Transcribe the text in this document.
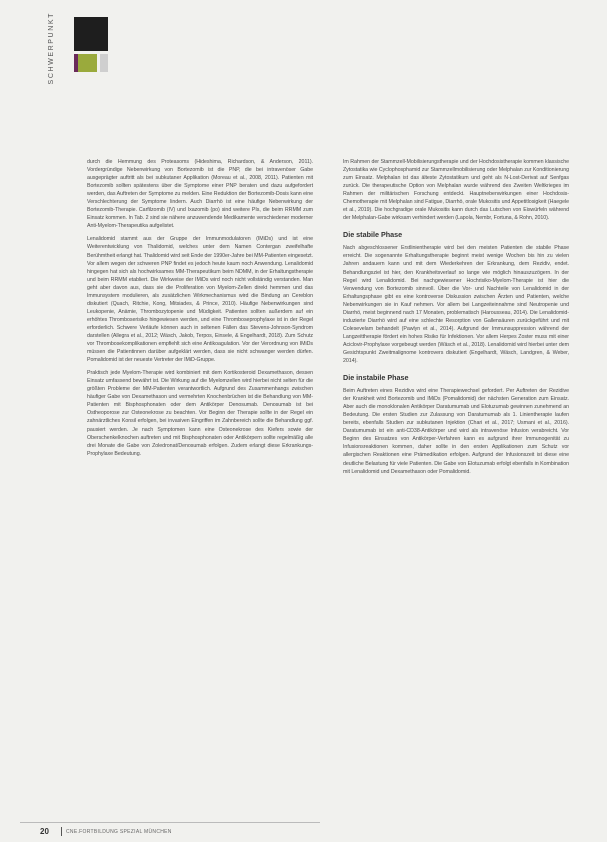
SCHWERPUNKT

durch die Hemmung des Proteasoms (Hideshima, Richardson, & Anderson, 2011). Vordergründige Nebenwirkung von Bortezomib ist die PNP, die bei intravenöser Gabe ausgeprägter auftritt als bei subkutaner Applikation (Moreau et al., 2008, 2011). Patienten mit Bortezomib sollten spätestens über die Symptome einer PNP beraten und dazu aufgefordert werden, das Auftreten der Symptome zu melden. Eine Reduktion der Bortezomib-Dosis kann eine Verschlechterung der Symptome lindern. Auch Diarrhö ist eine häufige Nebenwirkung der Bortezomib-Therapie. Carfilzomib (IV) und Ixazomib (po) sind weitere PIs, die beim RRMM zum Einsatz kommen. In Tab. 2 sind sie nähere anzuwendende Medikamente verschiedener moderner Anti-Myelom-Therapeutika aufgelistet.

Lenalidomid stammt aus der Gruppe der Immunmodulatoren (IMiDs) und ist eine Weiterentwicklung von Thalidomid, welches unter dem Namen Contergan zweifelhafte Berühmtheit erlangt hat. Thalidomid wird seit Ende der 1990er-Jahre bei MM-Patienten eingesetzt. Vor allem wegen der schweren PNP findet es jedoch heute kaum noch Anwendung. Lenalidomid hingegen hat sich als hochwirksames MM-Therapeutikum beim NDMM, in der Erhaltungstherapie und beim RRMM etabliert. Die Wirkweise der IMiDs wird noch nicht vollständig verstanden. Man geht aber davon aus, dass sie die Proliferation von Myelom-Zellen direkt hemmen und das Immunsystem modulieren, als zusätzlichen Wirkmechanismus wird die Bindung an Cereblon diskutiert (Quach, Ritchie, Kong, Mitsiades, & Prince, 2010). Häufige Nebenwirkungen sind Leukopenie, Anämie, Thrombozytopenie und Müdigkeit. Patienten sollten außerdem auf ein erhöhtes Thromboserisiko hingewiesen werden, und eine Thromboseprophylaxe ist in der Regel erforderlich. Schwere Verläufe können auch in seltenen Fällen das Stevens-Johnson-Syndrom darstellen (Allegra et al., 2012; Wäsch, Jakob, Terpos, Einsele, & Engelhardt, 2018). Zum Schutz vor Thrombosekomplikationen empfiehlt sich eine Antikoagulation. Vor der Verordnung von IMiDs müssen die Patientinnen darüber aufgeklärt werden, dass sie nicht schwanger werden dürfen. Pomalidomid ist der neueste Vertreter der IMiD-Gruppe.

Praktisch jede Myelom-Therapie wird kombiniert mit dem Kortikosteroid Dexamethason, dessen Einsatz umfassend bewährt ist. Die Wirkung auf die Myelomzellen wird hierbei nicht selten für die größten Probleme der MM-Patienten verantwortlich. Aufgrund des Zusammenhangs zwischen häufiger Gabe von Dexamethason und vermehrten Knochenbrüchen ist die Behandlung von MM-Patienten mit Bisphosphonaten oder dem Antikörper Denosumab. Denosumab ist bei Ostheoporose zur Osteonekrose zu beachten. Vor Beginn der Therapie sollte in der Regel ein zahnärztliches Konsil erfolgen, bei invasiven Eingriffen im Zahnbereich sollte die Behandlung ggf. pausiert werden. Je nach Symptomen kann eine Osteonekrose des Kiefers sowie der Oberschenkelknochen auftreten und mit Bisphosphonaten oder Antikörpern sollte regelmäßig alle drei Monate die Gabe von Zoledronat/Denosumab erfolgen. Zudem erlangt diese Erkrankungs-Prophylaxe Bedeutung.

Im Rahmen der Stammzell-Mobilisierungstherapie und der Hochdosistherapie kommen klassische Zytostatika wie Cyclophosphamid zur Stammzellmobilisierung oder Melphalan zur Konditionierung zum Einsatz. Melphalan ist das älteste Zytostatikum und geht als N-Lost-Derivat auf Senfgas zurück. Die therapeutische Option von Melphalan wurde während des Zweiten Weltkrieges im Rahmen der militärischen Forschung entdeckt. Hauptnebenwirkungen einer Hochdosis-Chemotherapie mit Melphalan sind Fatigue, Diarrhö, orale Mukositis und Appetitlosigkeit (Haegele et al., 2019). Die hochgradige orale Mukositis kann durch das Lutschen von Eiswürfeln während der Melphalan-Gabe wirksam verhindert werden (Lapola, Nembr, Fortuna, & Rohn, 2010).

Die stabile Phase

Nach abgeschlossener Erstlinientherapie wird bei den meisten Patienten die stabile Phase erreicht. Die sogenannte Erhaltungstherapie beginnt meist wenige Wochen bis hin zu vielen Jahren andauern kann und mit dem Wiederkehren der Erkrankung, dem Rezidiv, endet. Behandlungsziel ist hier, den Krankheitsverlauf so lange wie möglich hinauszuzögern. In der Regel wird Lenalidomid. Bei nachgewiesener Hochrisiko-Myelom-Therapie ist hier die Verwendung von Bortezomib sinnvoll. Über die Vor- und Nachteile von Lenalidomid in der Erhaltungsphase gibt es eine kontroverse Diskussion zwischen Ärzten und Patienten, welche Nebenwirkungen sie in Kauf nehmen. Vor allem bei Langzeiteinnahme sind Neutropenie und Diarrhö, meist beginnend nach 17 Monaten, problematisch (Harousseau, 2014). Die Lenalidomid-induzierte Diarrhö wird auf eine schlechte Resorption von Gallensäuren zurückgeführt und mit Colesevelam behandelt (Pawlyn et al., 2014). Aufgrund der Immunsuppression während der Langzeittherapie fördert ein hohes Risiko für Infektionen. Vor allem Herpes Zoster muss mit einer Aciclovir-Prophylaxe vorgebeugt werden (Wäsch et al., 2018). Lenalidomid wird hierbei unter dem Gesichtspunkt Zweitmalignome kontrovers diskutiert (Engelhardt, Wäsch, Landgren, & Weber, 2014).

Die instabile Phase

Beim Auftreten eines Rezidivs wird eine Therapiewechsel gefordert. Per Auftreten der Rezidive der Krankheit wird Bortezomib und IMiDs (Pomalidomid) der nächsten Generation zum Einsatz. Aber auch die monoklonalen Antikörper Daratumumab und Elotuzumab gewinnen zunehmend an Bedeutung. Die ersten Studien zur Zulassung von Daratumumab als 1. Linientherapie laufen bereits, ebenfalls Studien zur subkutanen Injektion (Chari et al., 2017; Usmani et al., 2016). Daratumumab ist ein anti-CD38-Antikörper und wird als intravenöse Infusion verabreicht. Vor Beginn des Einsatzes von Antikörper-Verfahren kann es aufgrund ihrer Immunogenität zu Infusionsreaktionen kommen, daher sollte in den ersten Applikationen zum Schutz vor allergischen Reaktionen eine Prämedikation erfolgen. Aufgrund der Infusionszeit ist diese eine deutliche Belastung für viele Patienten. Die Gabe von Elotuzumab erfolgt ebenfalls in Kombination mit Lenalidomid und Dexamethason oder Pomalidomid.

20	CNE.FORTBILDUNG SPEZIAL MÜNCHEN
